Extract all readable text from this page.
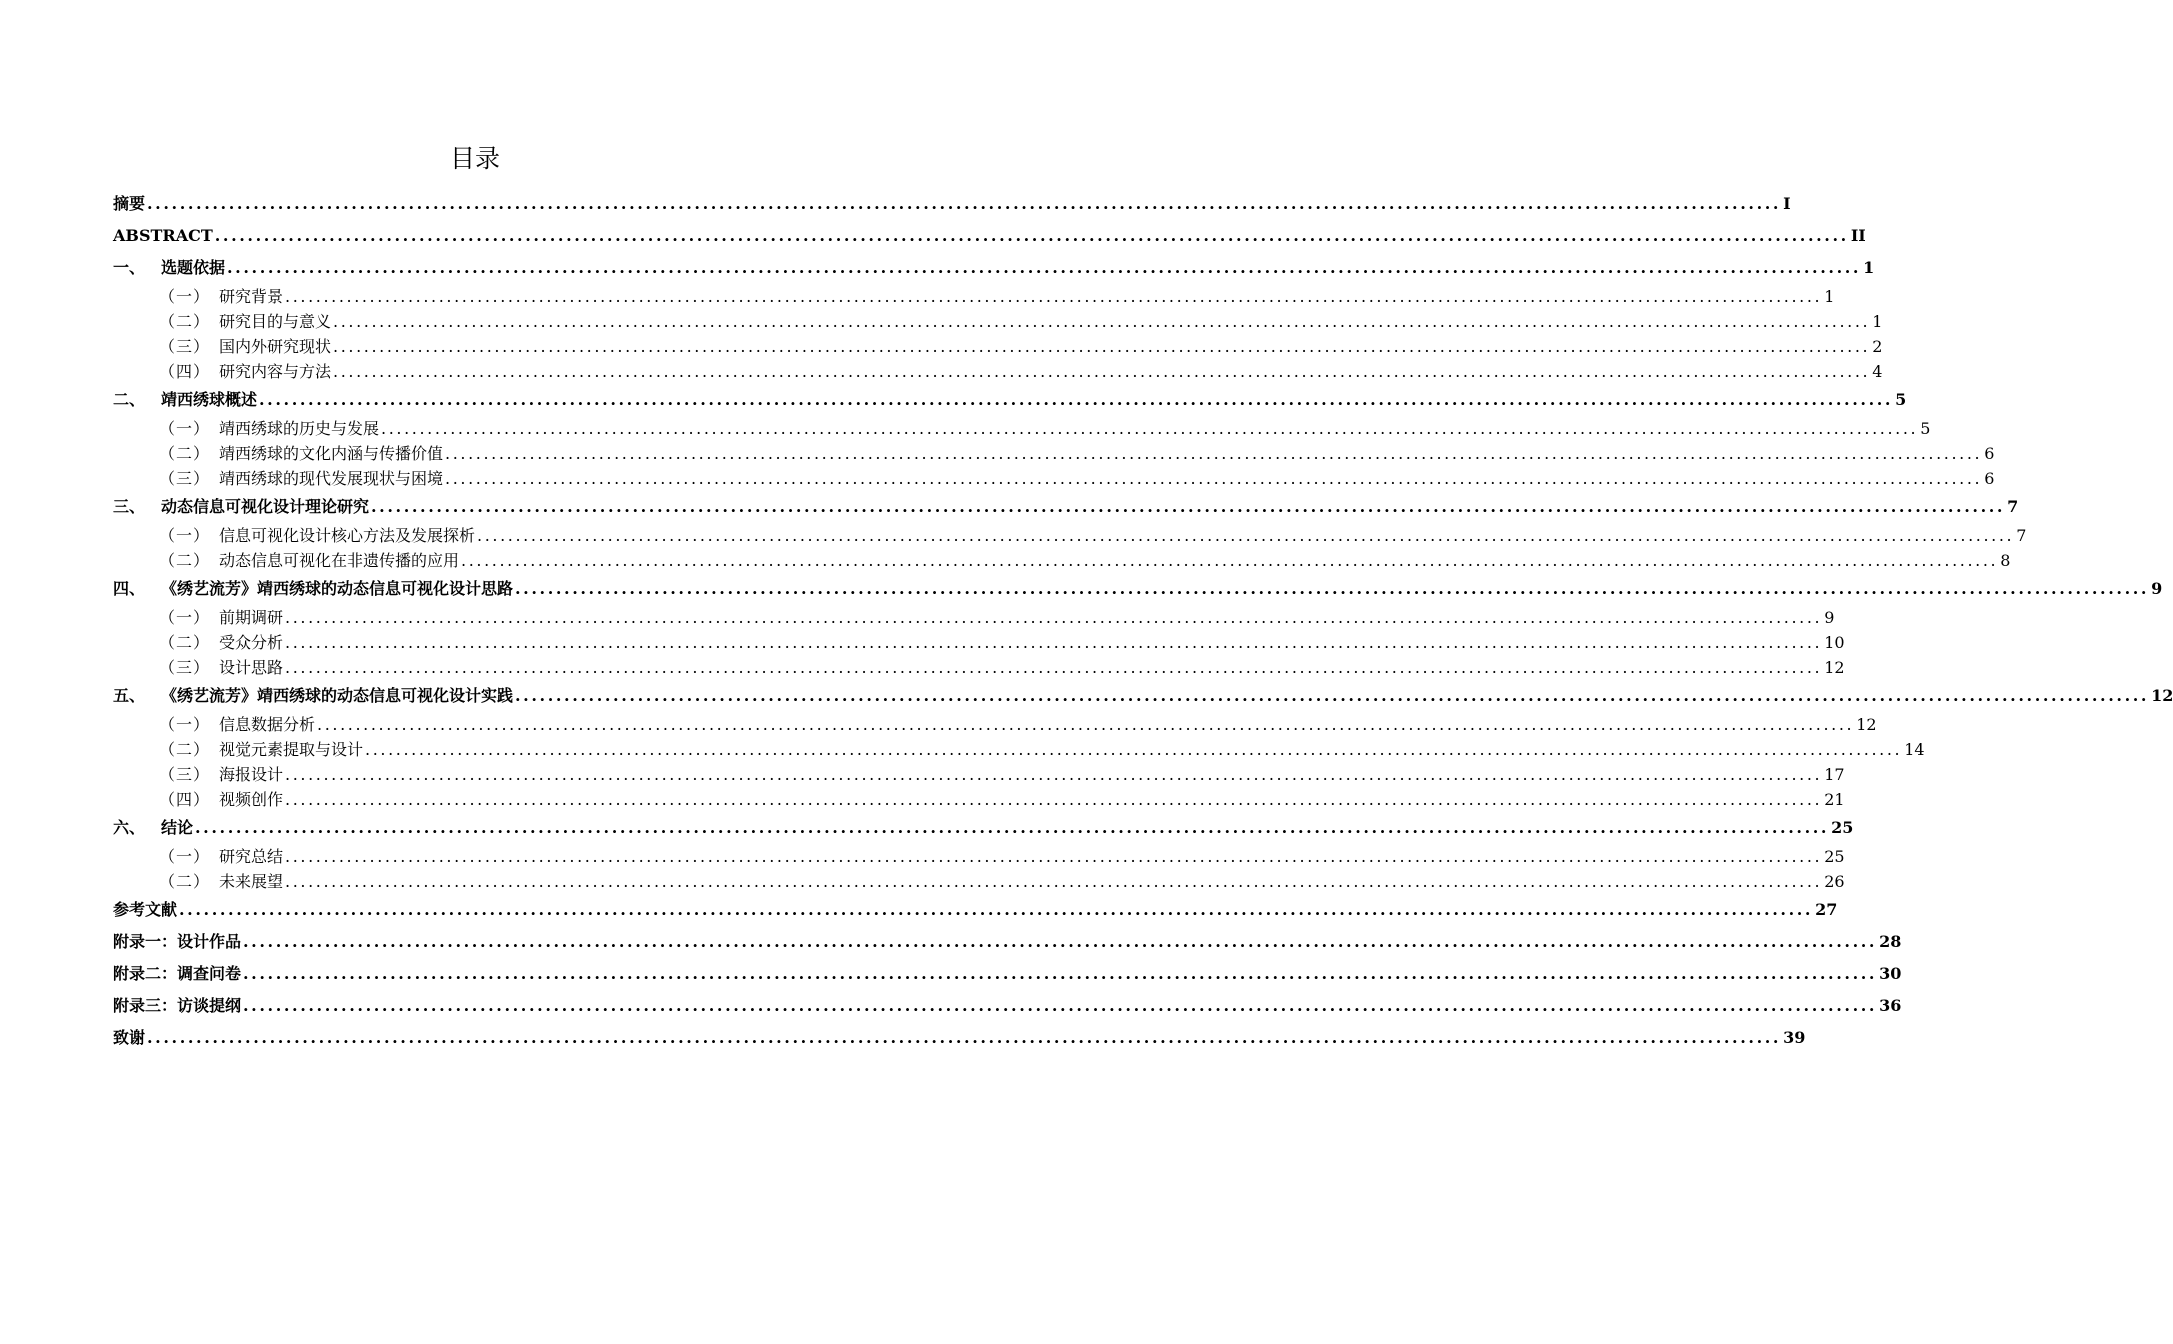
目录
摘要 ........................................................................................................................................................................................................ I
ABSTRACT ........................................................................................................................................................................................................ II
一、 选题依据 ........................................................................................................................................................................................................ 1
（一） 研究背景 ........................................................................................................................................................................................................ 1
（二） 研究目的与意义 ........................................................................................................................................................................................................ 1
（三） 国内外研究现状 ........................................................................................................................................................................................................ 2
（四） 研究内容与方法 ........................................................................................................................................................................................................ 4
二、 靖西绣球概述 ........................................................................................................................................................................................................ 5
（一） 靖西绣球的历史与发展 ........................................................................................................................................................................................................ 5
（二） 靖西绣球的文化内涵与传播价值 ........................................................................................................................................................................................................ 6
（三） 靖西绣球的现代发展现状与困境 ........................................................................................................................................................................................................ 6
三、 动态信息可视化设计理论研究 ........................................................................................................................................................................................................ 7
（一） 信息可视化设计核心方法及发展探析 ........................................................................................................................................................................................................ 7
（二） 动态信息可视化在非遗传播的应用 ........................................................................................................................................................................................................ 8
四、 《绣艺流芳》靖西绣球的动态信息可视化设计思路 ........................................................................................................................................................................................................ 9
（一） 前期调研 ........................................................................................................................................................................................................ 9
（二） 受众分析 ........................................................................................................................................................................................................ 10
（三） 设计思路 ........................................................................................................................................................................................................ 12
五、 《绣艺流芳》靖西绣球的动态信息可视化设计实践 ........................................................................................................................................................................................................ 12
（一） 信息数据分析 ........................................................................................................................................................................................................ 12
（二） 视觉元素提取与设计 ........................................................................................................................................................................................................ 14
（三） 海报设计 ........................................................................................................................................................................................................ 17
（四） 视频创作 ........................................................................................................................................................................................................ 21
六、 结论 ........................................................................................................................................................................................................ 25
（一） 研究总结 ........................................................................................................................................................................................................ 25
（二） 未来展望 ........................................................................................................................................................................................................ 26
参考文献 ........................................................................................................................................................................................................ 27
附录一：设计作品 ........................................................................................................................................................................................................ 28
附录二：调查问卷 ........................................................................................................................................................................................................ 30
附录三：访谈提纲 ........................................................................................................................................................................................................ 36
致谢 ........................................................................................................................................................................................................ 39
